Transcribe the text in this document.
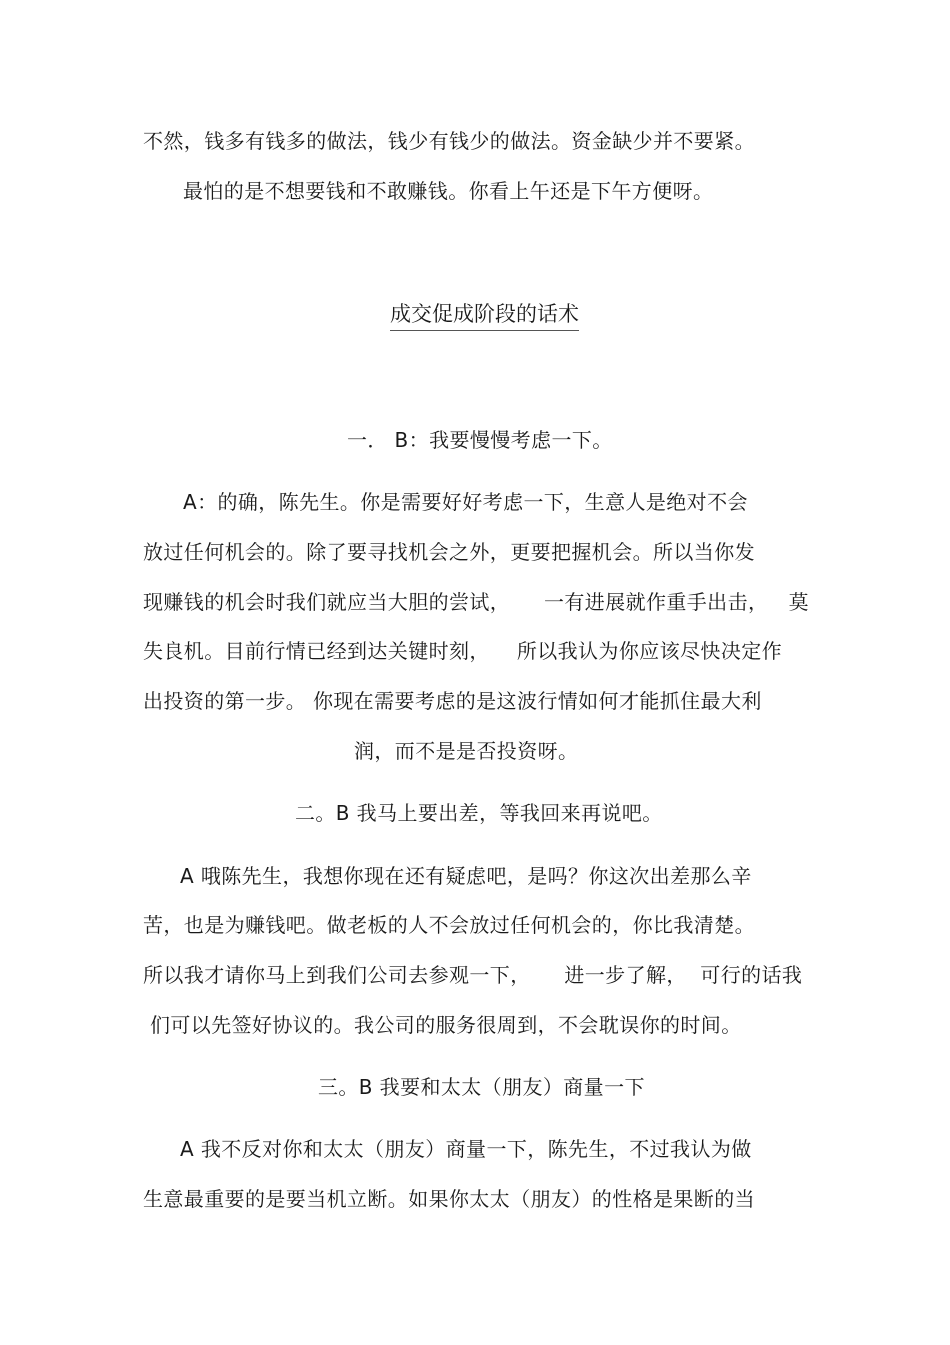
不然，钱多有钱多的做法，钱少有钱少的做法。资金缺少并不要紧。
最怕的是不想要钱和不敢赚钱。你看上午还是下午方便呀。
成交促成阶段的话术
一． B：我要慢慢考虑一下。
A：的确，陈先生。你是需要好好考虑一下，生意人是绝对不会
放过任何机会的。除了要寻找机会之外，更要把握机会。所以当你发
现赚钱的机会时我们就应当大胆的尝试，     一有进展就作重手出击，   莫
失良机。目前行情已经到达关键时刻，    所以我认为你应该尽快决定作
出投资的第一步。 你现在需要考虑的是这波行情如何才能抓住最大利
润，而不是是否投资呀。
二。B 我马上要出差，等我回来再说吧。
A 哦陈先生，我想你现在还有疑虑吧，是吗？你这次出差那么辛
苦，也是为赚钱吧。做老板的人不会放过任何机会的，你比我清楚。
所以我才请你马上到我们公司去参观一下，     进一步了解，  可行的话我
们可以先签好协议的。我公司的服务很周到，不会耽误你的时间。
三。B 我要和太太（朋友）商量一下
A 我不反对你和太太（朋友）商量一下，陈先生，不过我认为做
生意最重要的是要当机立断。如果你太太（朋友）的性格是果断的当
